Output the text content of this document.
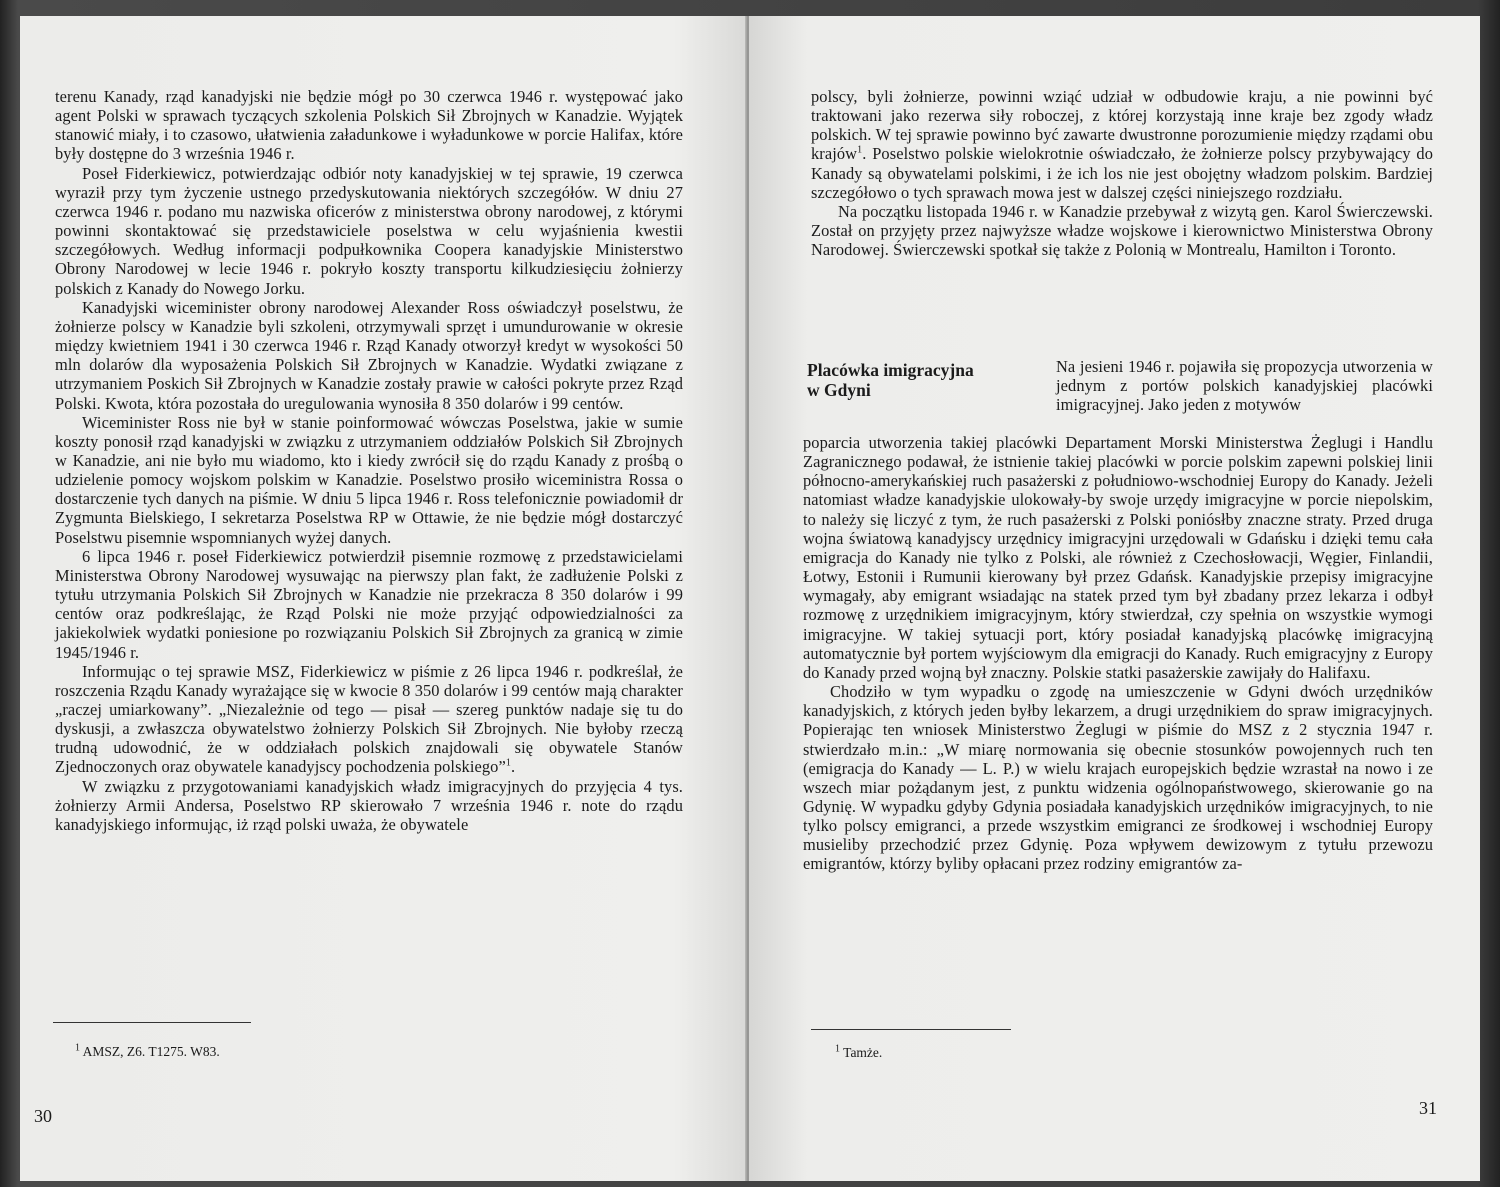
terenu Kanady, rząd kanadyjski nie będzie mógł po 30 czerwca 1946 r. występować jako agent Polski w sprawach tyczących szkolenia Polskich Sił Zbrojnych w Kanadzie. Wyjątek stanowić miały, i to czasowo, ułatwienia załadunkowe i wyładunkowe w porcie Halifax, które były dostępne do 3 września 1946 r.

Poseł Fiderkiewicz, potwierdzając odbiór noty kanadyjskiej w tej sprawie, 19 czerwca wyraził przy tym życzenie ustnego przedyskutowania niektórych szczegółów. W dniu 27 czerwca 1946 r. podano mu nazwiska oficerów z ministerstwa obrony narodowej, z którymi powinni skontaktować się przedstawiciele poselstwa w celu wyjaśnienia kwestii szczegółowych. Według informacji podpułkownika Coopera kanadyjskie Ministerstwo Obrony Narodowej w lecie 1946 r. pokryło koszty transportu kilkudziesięciu żołnierzy polskich z Kanady do Nowego Jorku.

Kanadyjski wiceminister obrony narodowej Alexander Ross oświadczył poselstwu, że żołnierze polscy w Kanadzie byli szkoleni, otrzymywali sprzęt i umundurowanie w okresie między kwietniem 1941 i 30 czerwca 1946 r. Rząd Kanady otworzył kredyt w wysokości 50 mln dolarów dla wyposażenia Polskich Sił Zbrojnych w Kanadzie. Wydatki związane z utrzymaniem Poskich Sił Zbrojnych w Kanadzie zostały prawie w całości pokryte przez Rząd Polski. Kwota, która pozostała do uregulowania wynosiła 8 350 dolarów i 99 centów.

Wiceminister Ross nie był w stanie poinformować wówczas Poselstwa, jakie w sumie koszty ponosił rząd kanadyjski w związku z utrzymaniem oddziałów Polskich Sił Zbrojnych w Kanadzie, ani nie było mu wiadomo, kto i kiedy zwrócił się do rządu Kanady z prośbą o udzielenie pomocy wojskom polskim w Kanadzie. Poselstwo prosiło wiceministra Rossa o dostarczenie tych danych na piśmie. W dniu 5 lipca 1946 r. Ross telefonicznie powiadomił dr Zygmunta Bielskiego, I sekretarza Poselstwa RP w Ottawie, że nie będzie mógł dostarczyć Poselstwu pisemnie wspomnianych wyżej danych.

6 lipca 1946 r. poseł Fiderkiewicz potwierdził pisemnie rozmowę z przedstawicielami Ministerstwa Obrony Narodowej wysuwając na pierwszy plan fakt, że zadłużenie Polski z tytułu utrzymania Polskich Sił Zbrojnych w Kanadzie nie przekracza 8 350 dolarów i 99 centów oraz podkreślając, że Rząd Polski nie może przyjąć odpowiedzialności za jakiekolwiek wydatki poniesione po rozwiązaniu Polskich Sił Zbrojnych za granicą w zimie 1945/1946 r.

Informując o tej sprawie MSZ, Fiderkiewicz w piśmie z 26 lipca 1946 r. podkreślał, że roszczenia Rządu Kanady wyrażające się w kwocie 8 350 dolarów i 99 centów mają charakter „raczej umiarkowany”. „Niezależnie od tego — pisał — szereg punktów nadaje się tu do dyskusji, a zwłaszcza obywatelstwo żołnierzy Polskich Sił Zbrojnych. Nie byłoby rzeczą trudną udowodnić, że w oddziałach polskich znajdowali się obywatele Stanów Zjednoczonych oraz obywatele kanadyjscy pochodzenia polskiego”$^1$.

W związku z przygotowaniami kanadyjskich władz imigracyjnych do przyjęcia 4 tys. żołnierzy Armii Andersa, Poselstwo RP skierowało 7 września 1946 r. note do rządu kanadyjskiego informując, iż rząd polski uważa, że obywatele

$^1$ AMSZ, Z6. T1275. W83.
30

polscy, byli żołnierze, powinni wziąć udział w odbudowie kraju, a nie powinni być traktowani jako rezerwa siły roboczej, z której korzystają inne kraje bez zgody władz polskich. W tej sprawie powinno być zawarte dwustronne porozumienie między rządami obu krajów$^1$. Poselstwo polskie wielokrotnie oświadczało, że żołnierze polscy przybywający do Kanady są obywatelami polskimi, i że ich los nie jest obojętny władzom polskim. Bardziej szczegółowo o tych sprawach mowa jest w dalszej części niniejszego rozdziału.

Na początku listopada 1946 r. w Kanadzie przebywał z wizytą gen. Karol Świerczewski. Został on przyjęty przez najwyższe władze wojskowe i kierownictwo Ministerstwa Obrony Narodowej. Świerczewski spotkał się także z Polonią w Montrealu, Hamilton i Toronto.

Placówka imigracyjna
w Gdyni

Na jesieni 1946 r. pojawiła się propozycja utworzenia w jednym z portów polskich kanadyjskiej placówki imigracyjnej. Jako jeden z motywów

poparcia utworzenia takiej placówki Departament Morski Ministerstwa Żeglugi i Handlu Zagranicznego podawał, że istnienie takiej placówki w porcie polskim zapewni polskiej linii północno-amerykańskiej ruch pasażerski z południowo-wschodniej Europy do Kanady. Jeżeli natomiast władze kanadyjskie ulokowały-by swoje urzędy imigracyjne w porcie niepolskim, to należy się liczyć z tym, że ruch pasażerski z Polski poniósłby znaczne straty. Przed druga wojna światową kanadyjscy urzędnicy imigracyjni urzędowali w Gdańsku i dzięki temu cała emigracja do Kanady nie tylko z Polski, ale również z Czechosłowacji, Węgier, Finlandii, Łotwy, Estonii i Rumunii kierowany był przez Gdańsk. Kanadyjskie przepisy imigracyjne wymagały, aby emigrant wsiadając na statek przed tym był zbadany przez lekarza i odbył rozmowę z urzędnikiem imigracyjnym, który stwierdzał, czy spełnia on wszystkie wymogi imigracyjne. W takiej sytuacji port, który posiadał kanadyjską placówkę imigracyjną automatycznie był portem wyjściowym dla emigracji do Kanady. Ruch emigracyjny z Europy do Kanady przed wojną był znaczny. Polskie statki pasażerskie zawijały do Halifaxu.

Chodziło w tym wypadku o zgodę na umieszczenie w Gdyni dwóch urzędników kanadyjskich, z których jeden byłby lekarzem, a drugi urzędnikiem do spraw imigracyjnych. Popierając ten wniosek Ministerstwo Żeglugi w piśmie do MSZ z 2 stycznia 1947 r. stwierdzało m.in.: „W miarę normowania się obecnie stosunków powojennych ruch ten (emigracja do Kanady — L. P.) w wielu krajach europejskich będzie wzrastał na nowo i ze wszech miar pożądanym jest, z punktu widzenia ogólnopaństwowego, skierowanie go na Gdynię. W wypadku gdyby Gdynia posiadała kanadyjskich urzędników imigracyjnych, to nie tylko polscy emigranci, a przede wszystkim emigranci ze środkowej i wschodniej Europy musieliby przechodzić przez Gdynię. Poza wpływem dewizowym z tytułu przewozu emigrantów, którzy byliby opłacani przez rodziny emigrantów za-

$^1$ Tamże.
31
